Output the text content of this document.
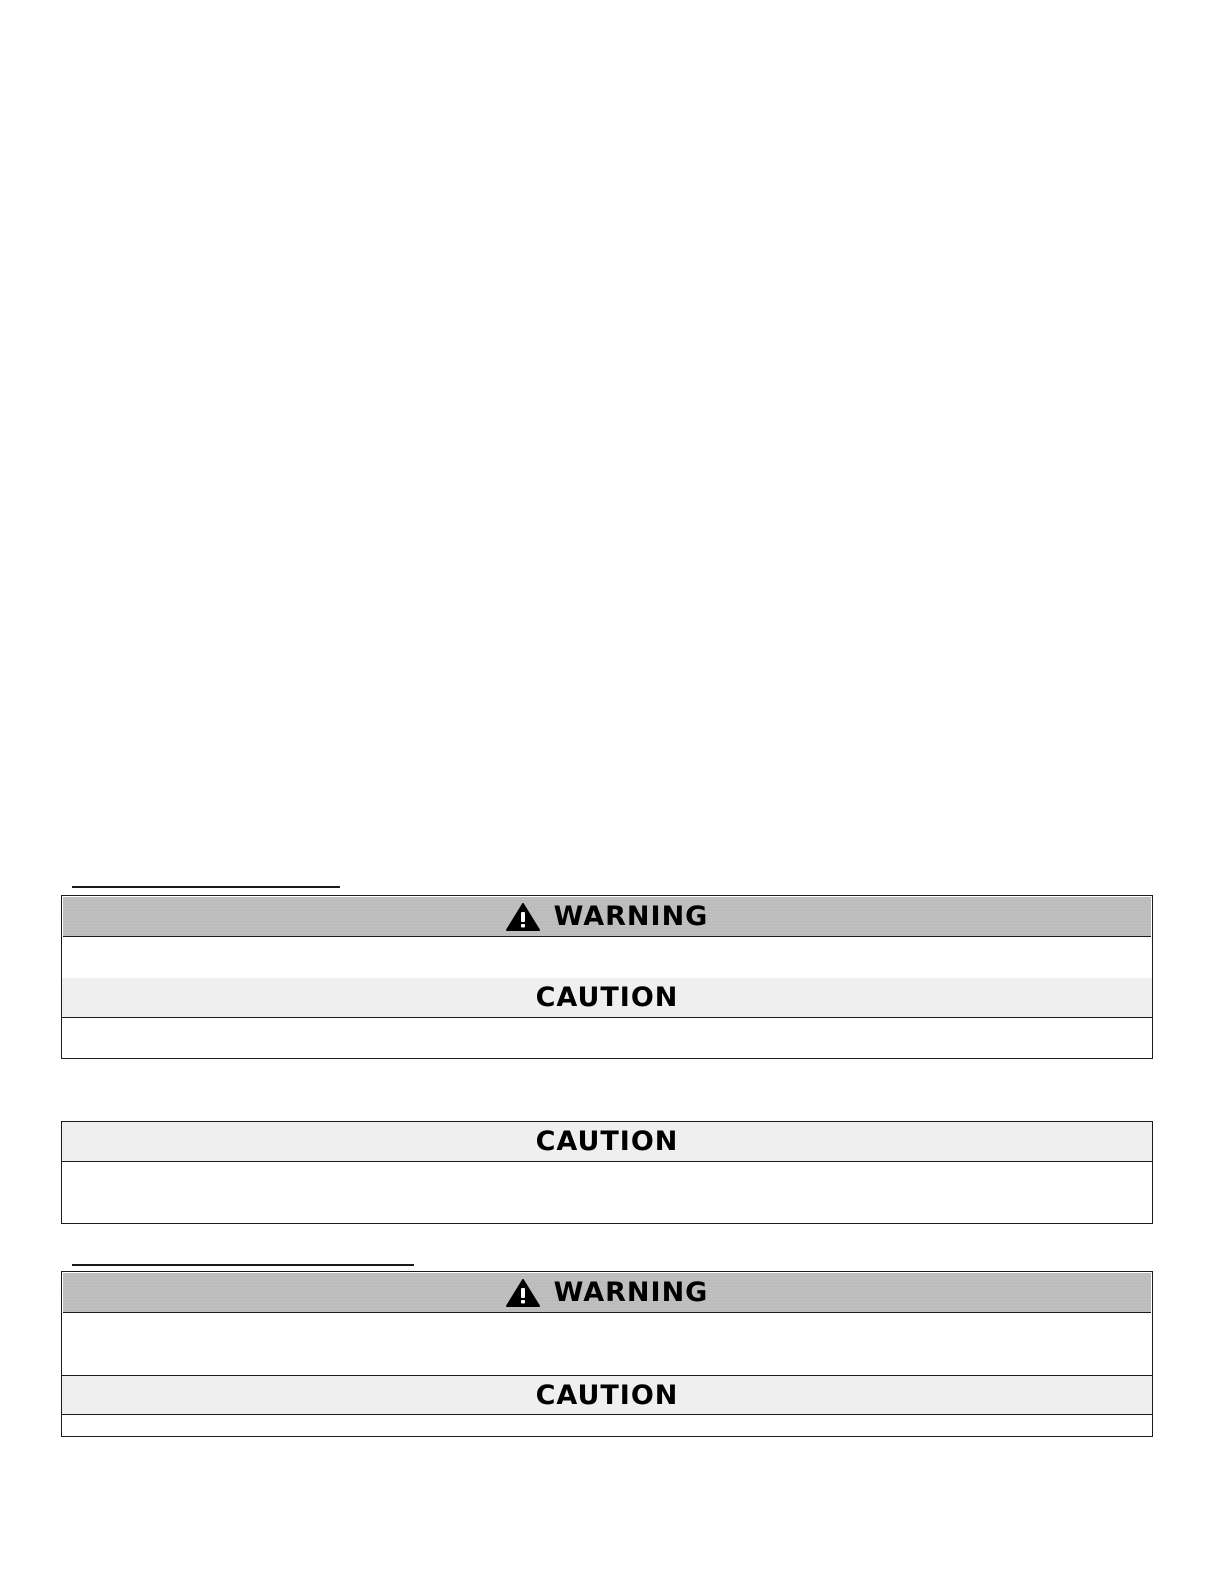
WARNING
CAUTION
CAUTION
WARNING
CAUTION
